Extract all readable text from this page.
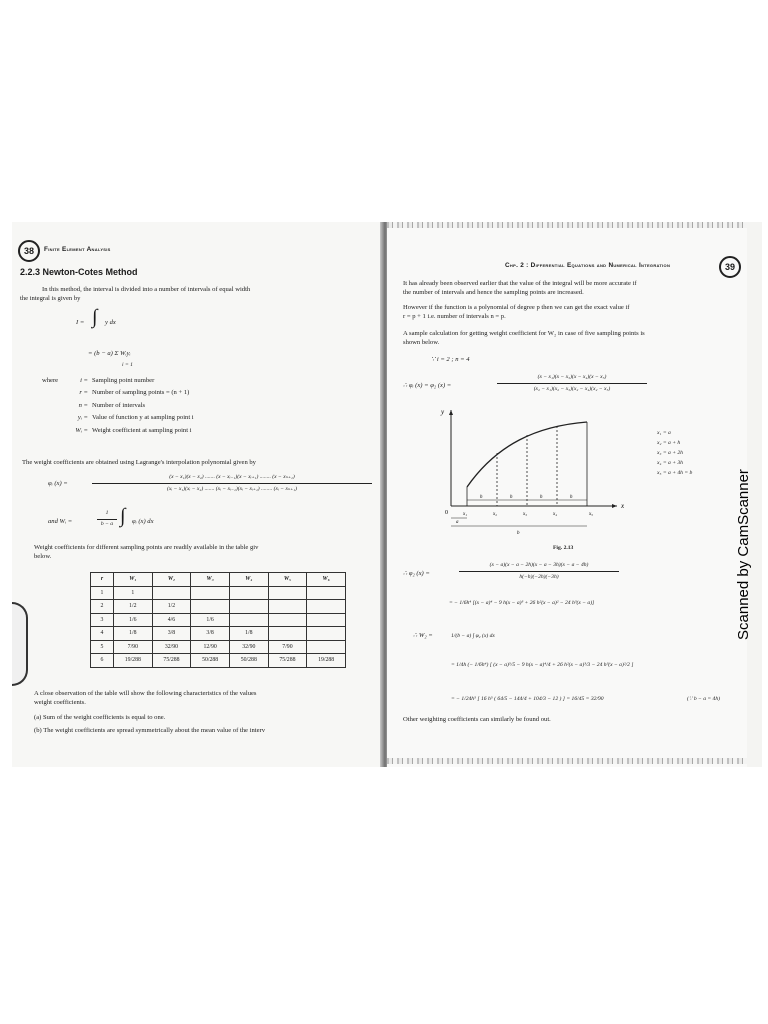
38	Finite Element Analysis
2.2.3 Newton-Cotes Method
In this method, the interval is divided into a number of intervals of equal width
the integral is given by
I = ∫ y dx
= (b − a) Σ Wᵢyᵢ
i = 1
where	i = Sampling point number
r = Number of sampling points = (n + 1)
n = Number of intervals
yᵢ = Value of function y at sampling point i
Wᵢ = Weight coefficient at sampling point i
The weight coefficients are obtained using Lagrange's interpolation polynomial given by
φᵢ (x) =
(x − x₁)(x − x₂) ....... (x − xᵢ₋₁)(x − xᵢ₊₁) ........ (x − xₙ₊₁)
(xᵢ − x₁)(xᵢ − x₂) ....... (xᵢ − xᵢ₋₁)(xᵢ − xᵢ₊₁) ........ (xᵢ − xₙ₊₁)
and Wᵢ =
1
b − a ∫ φᵢ (x) dx
Weight coefficients for different sampling points are readily available in the table giv
below.
r	W₁	W₂	W₃	W₄	W₅	W₆
1	1					
2	1/2	1/2				
3	1/6	4/6	1/6			
4	1/8	3/8	3/8	1/8		
5	7/90	32/90	12/90	32/90	7/90	
6	19/288	75/288	50/288	50/288	75/288	19/288
A close observation of the table will show the following characteristics of the values
weight coefficients.
(a) Sum of the weight coefficients is equal to one.
(b) The weight coefficients are spread symmetrically about the mean value of the interv
Chp. 2 : Differential Equations and Numerical Integration	39
It has already been observed earlier that the value of the integral will be more accurate if
the number of intervals and hence the sampling points are increased.
However if the function is a polynomial of degree p then we can get the exact value if
r = p + 1 i.e. number of intervals n = p.
A sample calculation for getting weight coefficient for W₂ in case of five sampling points is
shown below.
∵ i = 2 ; n = 4
∴ φᵢ (x) = φ₂ (x) =
(x − x₁)(x − x₃)(x − x₄)(x − x₅)
(x₂ − x₁)(x₂ − x₃)(x₂ − x₄)(x₂ − x₅)
y
x
0
h	h	h	h
a
b
x₁	x₂	x₃	x₄	x₅
x₁ = a
x₂ = a + h
x₃ = a + 2h
x₄ = a + 3h
x₅ = a + 4h = b
Fig. 2.13
∴ φ₂ (x) =
(x − a)(x − a − 2h)(x − a − 3h)(x − a − 4h)
h(−h)(−2h)(−3h)
= − 1/6h⁴ [(x − a)⁴ − 9 h(x − a)³ + 26 h²(x − a)² − 24 h³(x − a)]
∴ W₂ =	1/(b − a) ∫ φ₂ (x) dx
= 1/4h (− 1/6h⁴) [ (x − a)⁵/5 − 9 h(x − a)⁴/4 + 26 h²(x − a)³/3 − 24 h³(x − a)²/2 ]
= − 1/24h⁵ [ 16 h⁵ ( 64/5 − 144/4 + 104/3 − 12 ) ] = 16/45 = 32/90	(∵ b − a = 4h)
Other weighting coefficients can similarly be found out.
Scanned by CamScanner
